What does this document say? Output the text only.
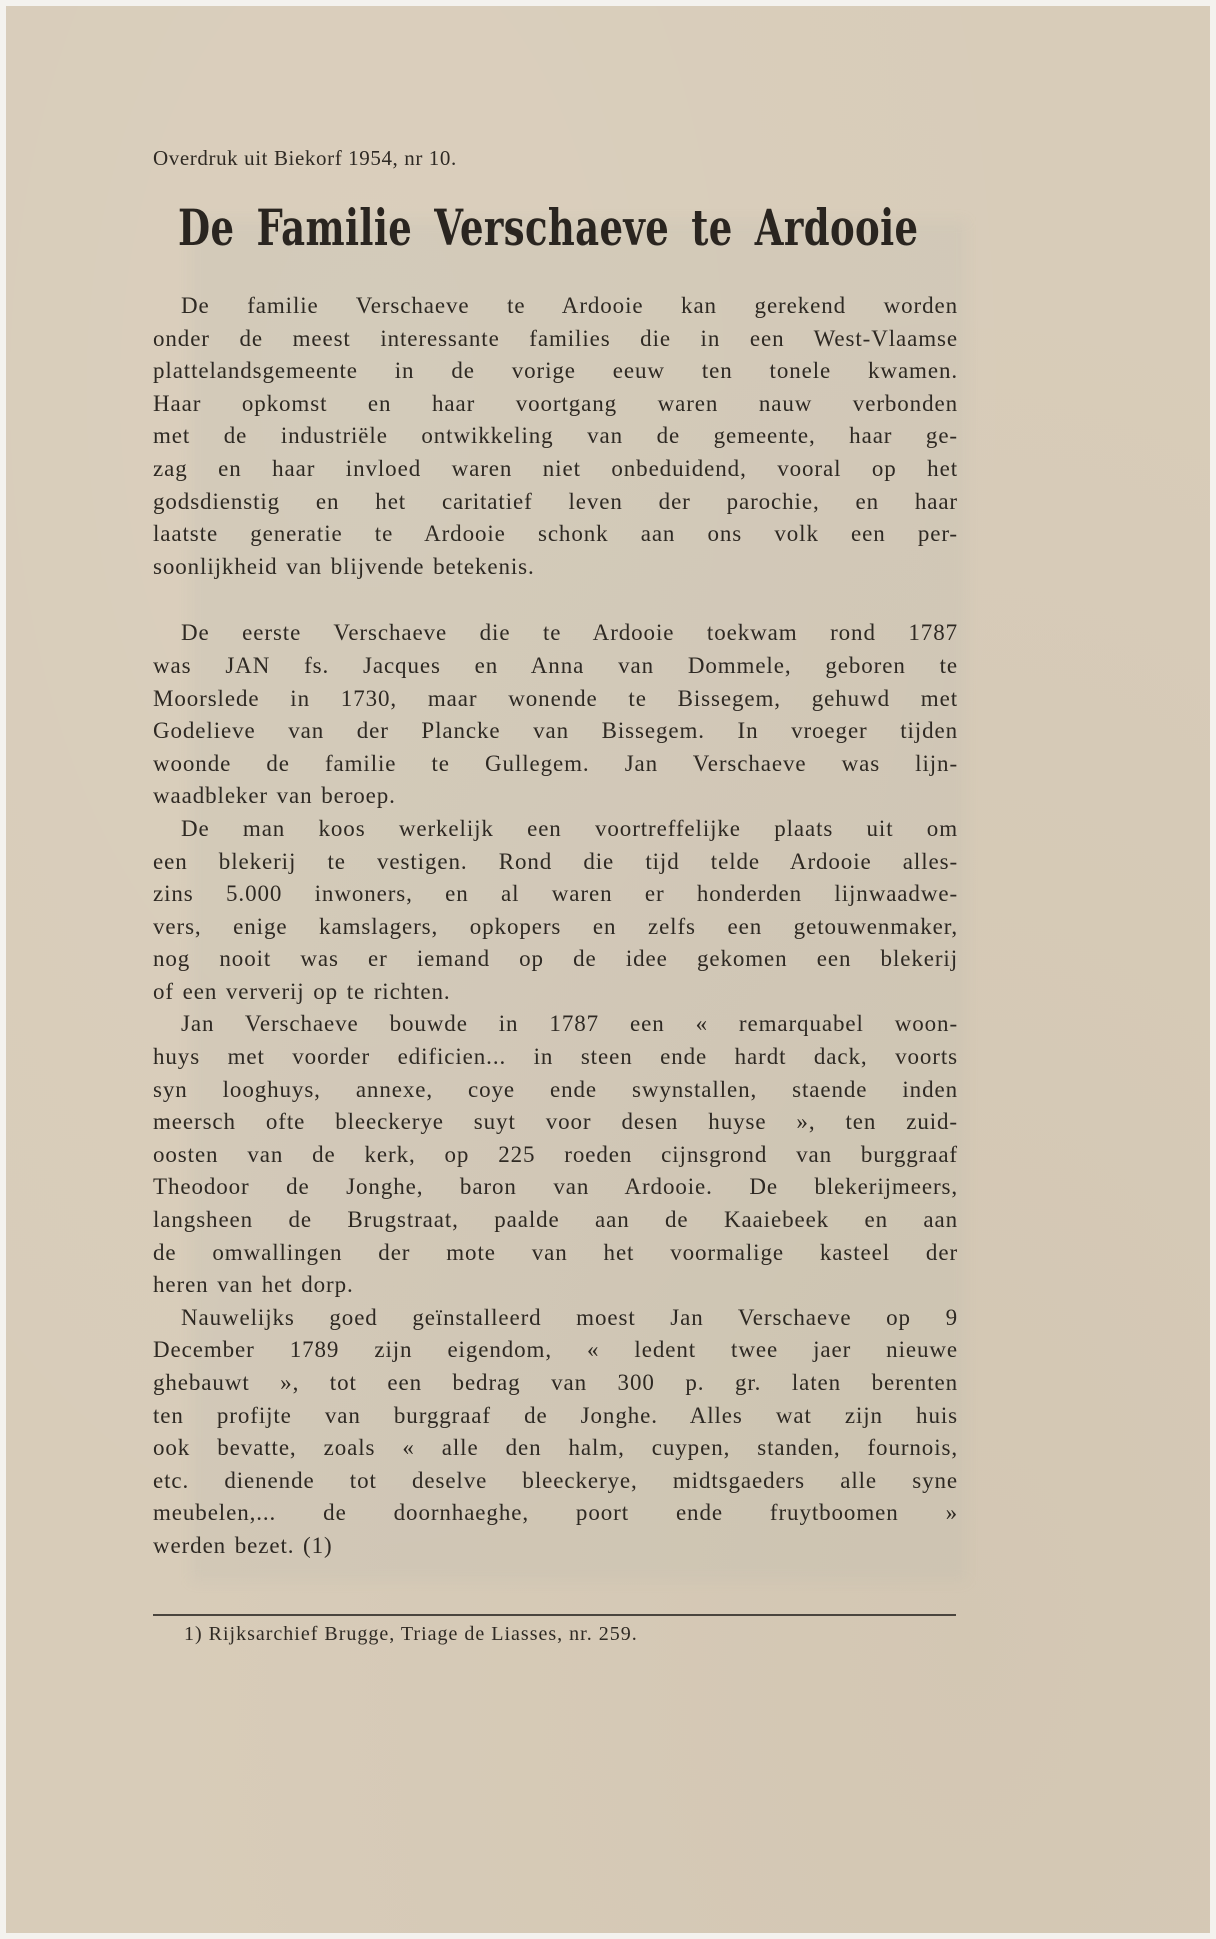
Overdruk uit Biekorf 1954, nr 10.
De Familie Verschaeve te Ardooie
De familie Verschaeve te Ardooie kan gerekend worden
onder de meest interessante families die in een West-Vlaamse
plattelandsgemeente in de vorige eeuw ten tonele kwamen.
Haar opkomst en haar voortgang waren nauw verbonden
met de industriële ontwikkeling van de gemeente, haar ge-
zag en haar invloed waren niet onbeduidend, vooral op het
godsdienstig en het caritatief leven der parochie, en haar
laatste generatie te Ardooie schonk aan ons volk een per-
soonlijkheid van blijvende betekenis.
De eerste Verschaeve die te Ardooie toekwam rond 1787
was JAN fs. Jacques en Anna van Dommele, geboren te
Moorslede in 1730, maar wonende te Bissegem, gehuwd met
Godelieve van der Plancke van Bissegem. In vroeger tijden
woonde de familie te Gullegem. Jan Verschaeve was lijn-
waadbleker van beroep.
De man koos werkelijk een voortreffelijke plaats uit om
een blekerij te vestigen. Rond die tijd telde Ardooie alles-
zins 5.000 inwoners, en al waren er honderden lijnwaadwe-
vers, enige kamslagers, opkopers en zelfs een getouwenmaker,
nog nooit was er iemand op de idee gekomen een blekerij
of een ververij op te richten.
Jan Verschaeve bouwde in 1787 een « remarquabel woon-
huys met voorder edificien... in steen ende hardt dack, voorts
syn looghuys, annexe, coye ende swynstallen, staende inden
meersch ofte bleeckerye suyt voor desen huyse », ten zuid-
oosten van de kerk, op 225 roeden cijnsgrond van burggraaf
Theodoor de Jonghe, baron van Ardooie. De blekerijmeers,
langsheen de Brugstraat, paalde aan de Kaaiebeek en aan
de omwallingen der mote van het voormalige kasteel der
heren van het dorp.
Nauwelijks goed geïnstalleerd moest Jan Verschaeve op 9
December 1789 zijn eigendom, « ledent twee jaer nieuwe
ghebauwt », tot een bedrag van 300 p. gr. laten berenten
ten profijte van burggraaf de Jonghe. Alles wat zijn huis
ook bevatte, zoals « alle den halm, cuypen, standen, fournois,
etc. dienende tot deselve bleeckerye, midtsgaeders alle syne
meubelen,... de doornhaeghe, poort ende fruytboomen »
werden bezet. (1)
1) Rijksarchief Brugge, Triage de Liasses, nr. 259.
